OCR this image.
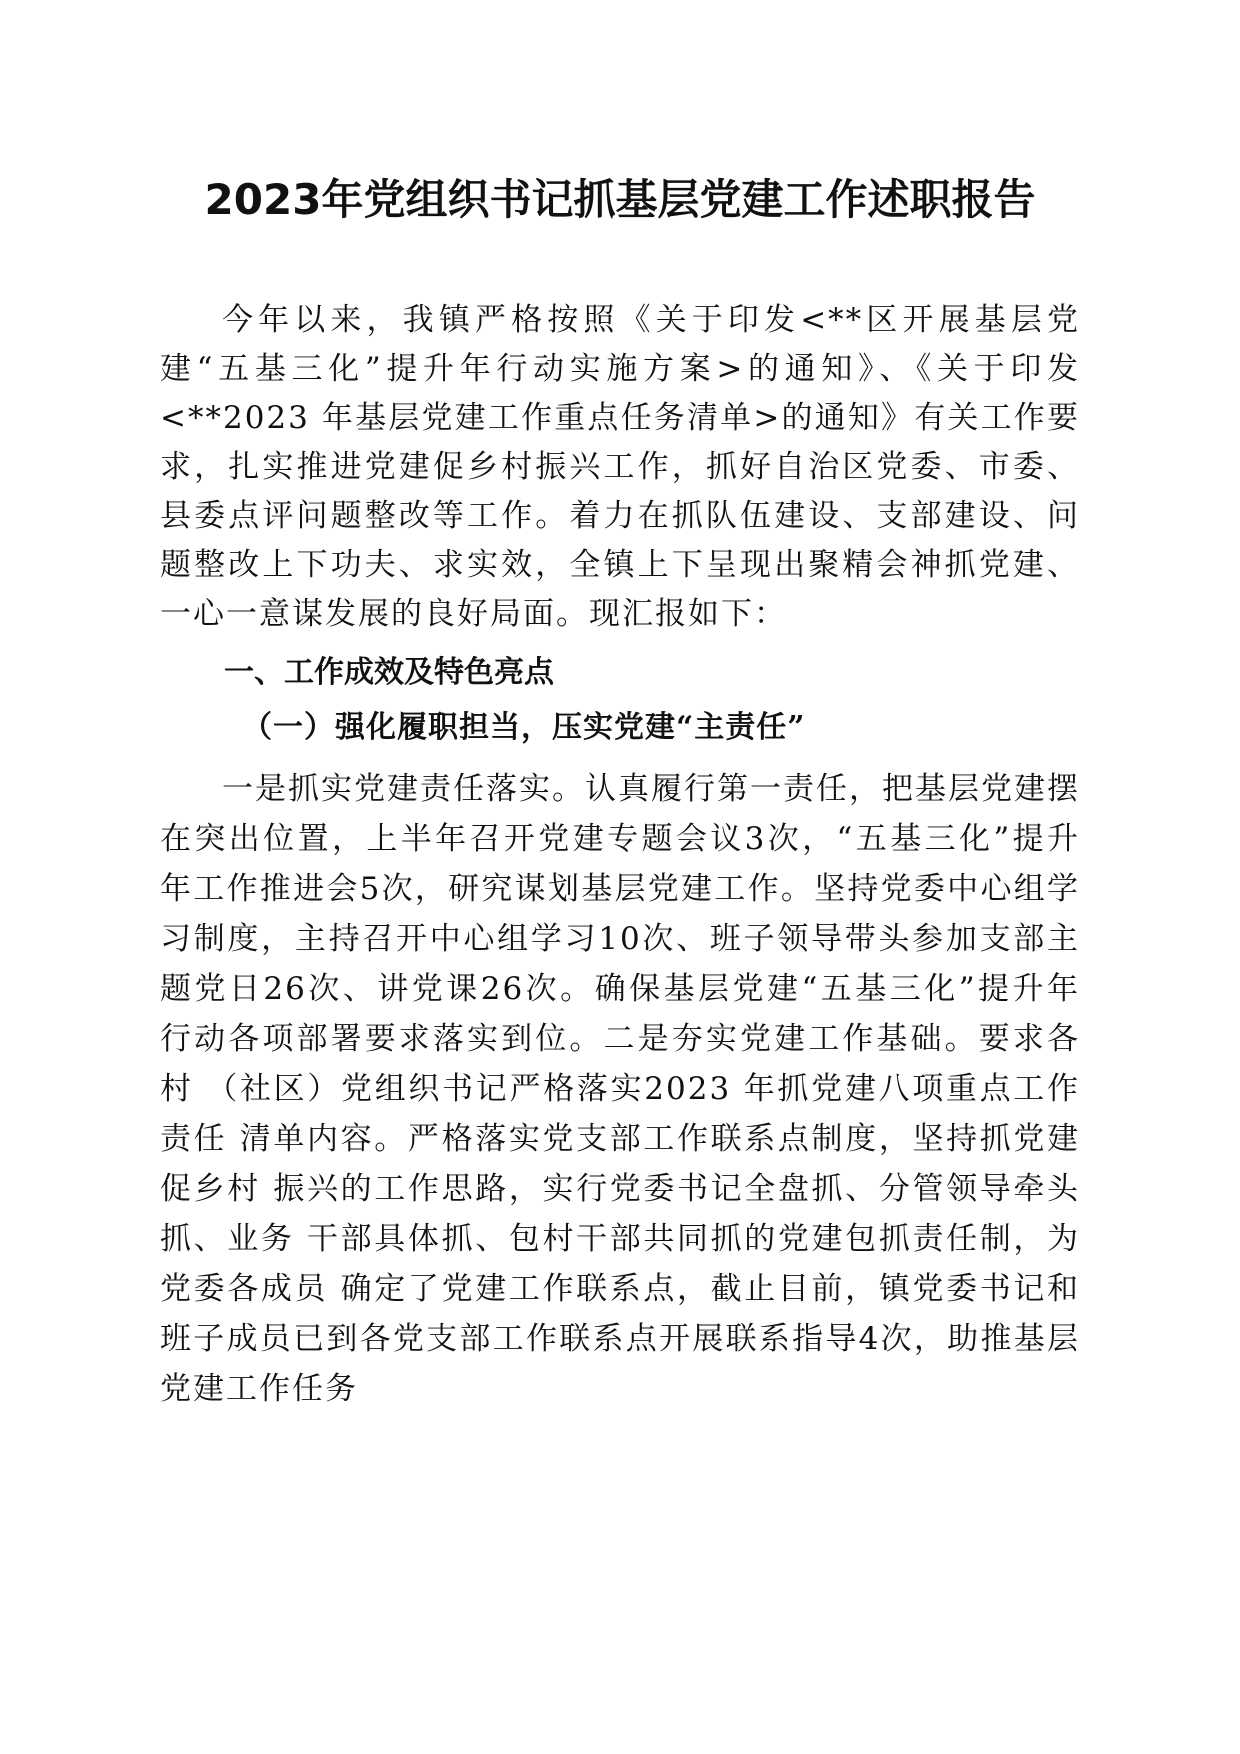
2023年党组织书记抓基层党建工作述职报告

今年以来，我镇严格按照《关于印发<**区开展基层党建“五基三化”提升年行动实施方案>的通知》、《关于印发<**2023 年基层党建工作重点任务清单>的通知》有关工作要求，扎实推进党建促乡村振兴工作，抓好自治区党委、市委、县委点评问题整改等工作。着力在抓队伍建设、支部建设、问题整改上下功夫、求实效，全镇上下呈现出聚精会神抓党建、 一心一意谋发展的良好局面。现汇报如下：

一、工作成效及特色亮点
（一）强化履职担当，压实党建“主责任”

一是抓实党建责任落实。认真履行第一责任，把基层党建摆在突出位置，上半年召开党建专题会议3次，“五基三化”提升 年工作推进会5次，研究谋划基层党建工作。坚持党委中心组学 习制度，主持召开中心组学习10次、班子领导带头参加支部主 题党日26次、讲党课26次。确保基层党建“五基三化”提升年 行动各项部署要求落实到位。二是夯实党建工作基础。要求各村 （社区）党组织书记严格落实2023 年抓党建八项重点工作责任 清单内容。严格落实党支部工作联系点制度，坚持抓党建促乡村 振兴的工作思路，实行党委书记全盘抓、分管领导牵头抓、业务 干部具体抓、包村干部共同抓的党建包抓责任制，为党委各成员 确定了党建工作联系点，截止目前，镇党委书记和班子成员已到各党支部工作联系点开展联系指导4次，助推基层党建工作任务
